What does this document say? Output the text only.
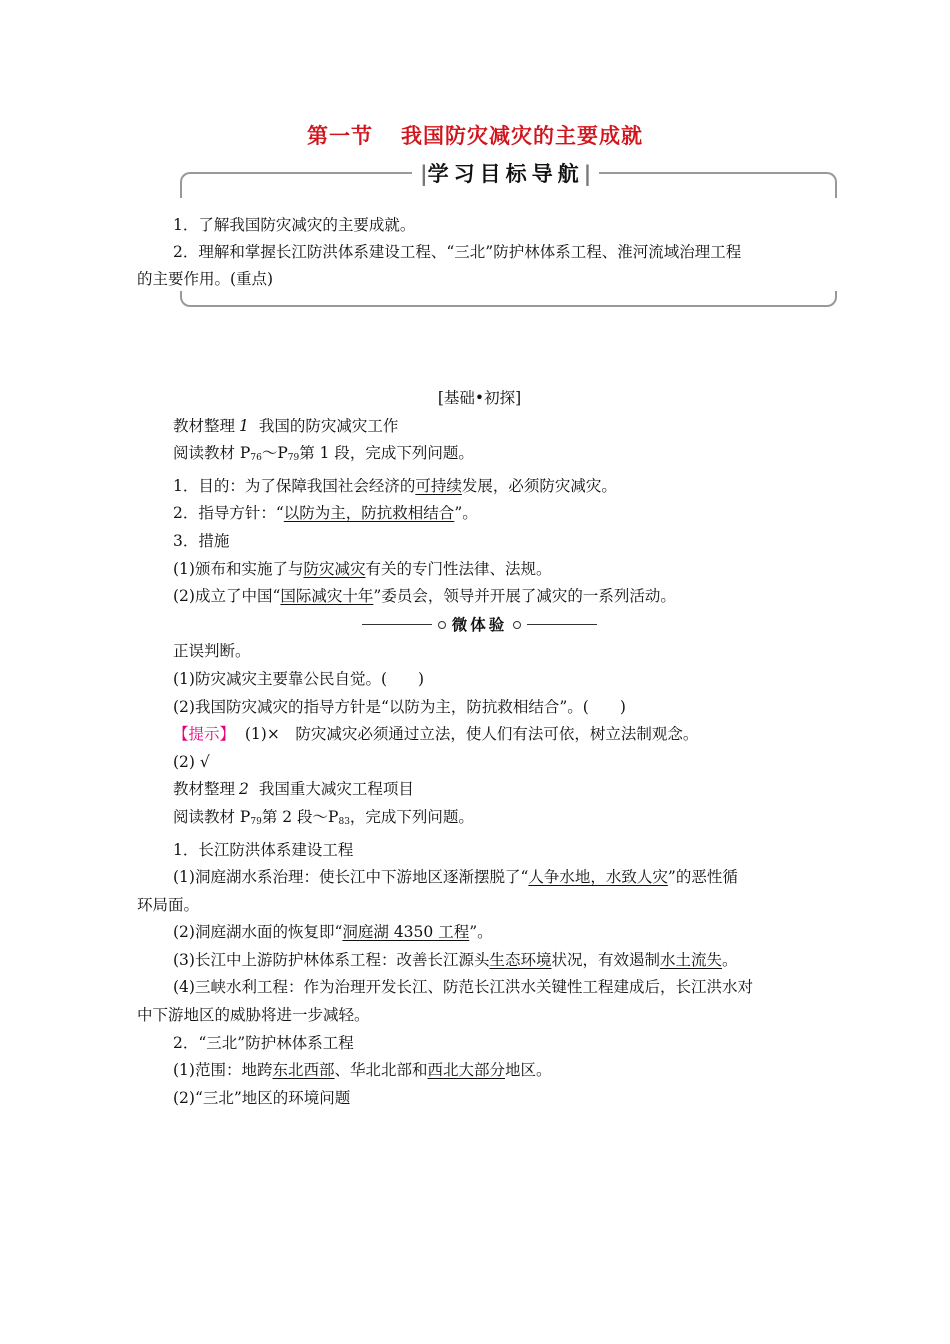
第一节 我国防灾减灾的主要成就
|学习目标导航|

1．了解我国防灾减灾的主要成就。

2．理解和掌握长江防洪体系建设工程、“三北”防护林体系工程、淮河流域治理工程

的主要作用。(重点)

[基础•初探]

教材整理 1 我国的防灾减灾工作

阅读教材 $P_{76}\sim P_{79}$第 1 段，完成下列问题。

1．目的：为了保障我国社会经济的可持续发展，必须防灾减灾。

2．指导方针：“以防为主，防抗救相结合”。

3．措施

(1)颁布和实施了与防灾减灾有关的专门性法律、法规。

(2)成立了中国“国际减灾十年”委员会，领导并开展了减灾的一系列活动。

微体验

正误判断。

(1)防灾减灾主要靠公民自觉。(　　)

(2)我国防灾减灾的指导方针是“以防为主，防抗救相结合”。(　　)

【提示】 (1)×　防灾减灾必须通过立法，使人们有法可依，树立法制观念。

(2) √

教材整理 2 我国重大减灾工程项目

阅读教材 $P_{79}$第 2 段$\sim P_{83}$，完成下列问题。

1．长江防洪体系建设工程

(1)洞庭湖水系治理：使长江中下游地区逐渐摆脱了“人争水地，水致人灾”的恶性循

环局面。

(2)洞庭湖水面的恢复即“洞庭湖 4350 工程”。

(3)长江中上游防护林体系工程：改善长江源头生态环境状况，有效遏制水土流失。

(4)三峡水利工程：作为治理开发长江、防范长江洪水关键性工程建成后，长江洪水对

中下游地区的威胁将进一步减轻。

2．“三北”防护林体系工程

(1)范围：地跨东北西部、华北北部和西北大部分地区。

(2)“三北”地区的环境问题
